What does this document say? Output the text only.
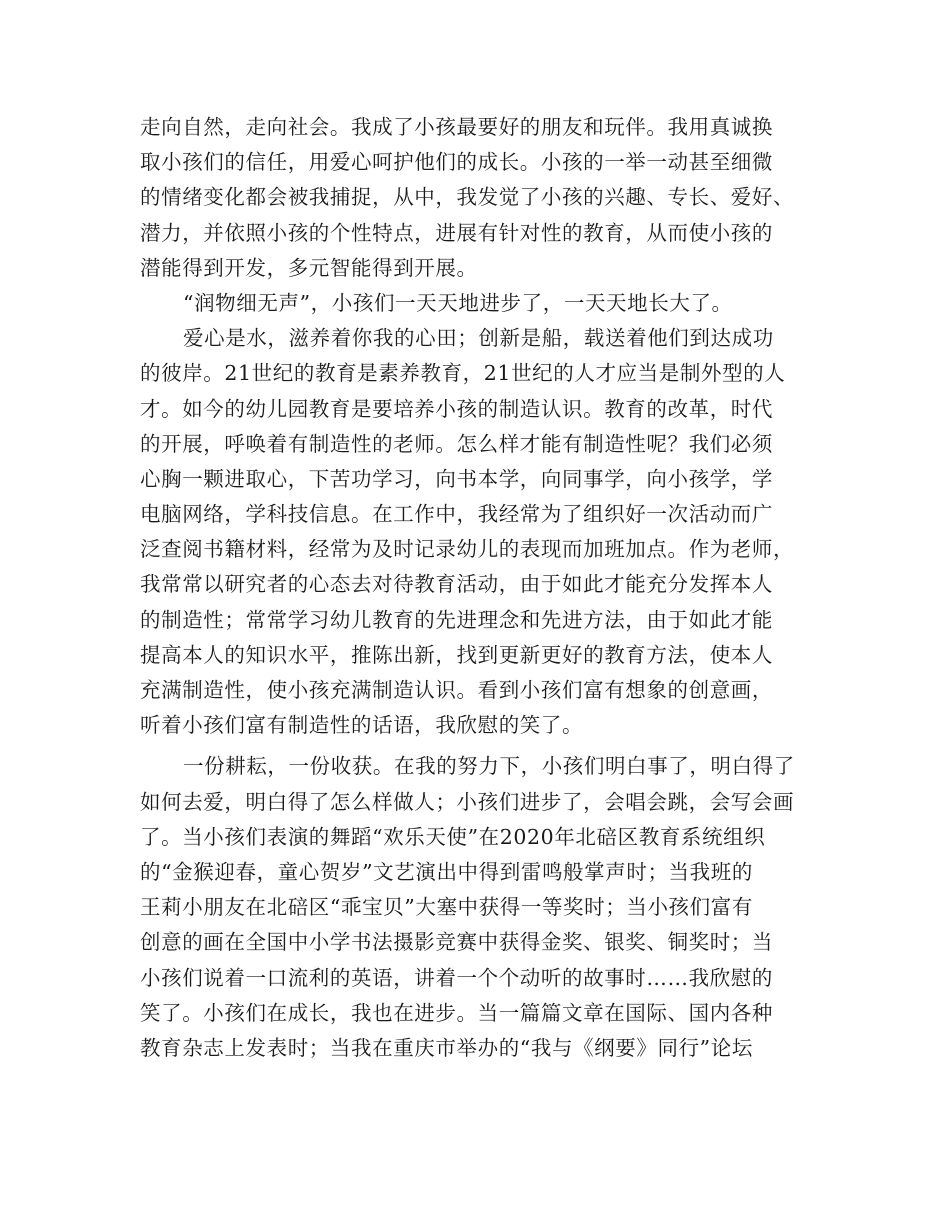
走向自然，走向社会。我成了小孩最要好的朋友和玩伴。我用真诚换
取小孩们的信任，用爱心呵护他们的成长。小孩的一举一动甚至细微
的情绪变化都会被我捕捉，从中，我发觉了小孩的兴趣、专长、爱好、
潜力，并依照小孩的个性特点，进展有针对性的教育，从而使小孩的
潜能得到开发，多元智能得到开展。
“润物细无声”，小孩们一天天地进步了，一天天地长大了。
爱心是水，滋养着你我的心田；创新是船，载送着他们到达成功
的彼岸。21世纪的教育是素养教育，21世纪的人才应当是制外型的人
才。如今的幼儿园教育是要培养小孩的制造认识。教育的改革，时代
的开展，呼唤着有制造性的老师。怎么样才能有制造性呢？我们必须
心胸一颗进取心，下苦功学习，向书本学，向同事学，向小孩学，学
电脑网络，学科技信息。在工作中，我经常为了组织好一次活动而广
泛查阅书籍材料，经常为及时记录幼儿的表现而加班加点。作为老师，
我常常以研究者的心态去对待教育活动，由于如此才能充分发挥本人
的制造性；常常学习幼儿教育的先进理念和先进方法，由于如此才能
提高本人的知识水平，推陈出新，找到更新更好的教育方法，使本人
充满制造性，使小孩充满制造认识。看到小孩们富有想象的创意画，
听着小孩们富有制造性的话语，我欣慰的笑了。
一份耕耘，一份收获。在我的努力下，小孩们明白事了，明白得了
如何去爱，明白得了怎么样做人；小孩们进步了，会唱会跳，会写会画
了。当小孩们表演的舞蹈“欢乐天使”在2020年北碚区教育系统组织
的“金猴迎春，童心贺岁”文艺演出中得到雷鸣般掌声时；当我班的
王莉小朋友在北碚区“乖宝贝”大塞中获得一等奖时；当小孩们富有
创意的画在全国中小学书法摄影竞赛中获得金奖、银奖、铜奖时；当
小孩们说着一口流利的英语，讲着一个个动听的故事时……我欣慰的
笑了。小孩们在成长，我也在进步。当一篇篇文章在国际、国内各种
教育杂志上发表时；当我在重庆市举办的“我与《纲要》同行”论坛
